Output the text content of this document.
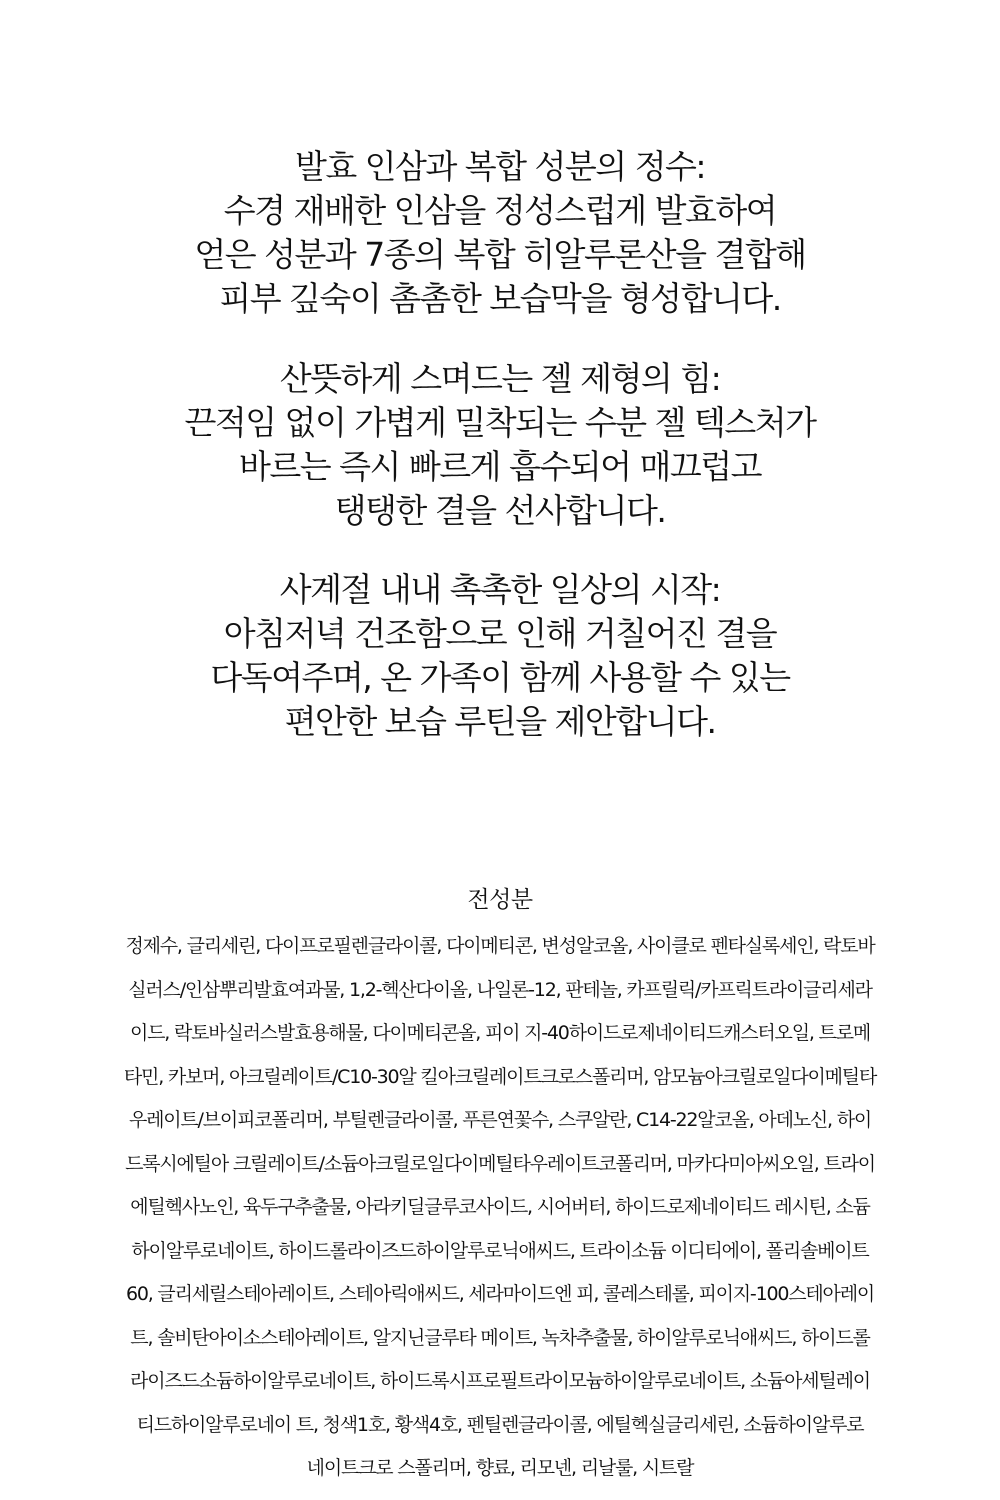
발효 인삼과 복합 성분의 정수:
수경 재배한 인삼을 정성스럽게 발효하여
얻은 성분과 7종의 복합 히알루론산을 결합해
피부 깊숙이 촘촘한 보습막을 형성합니다.
산뜻하게 스며드는 젤 제형의 힘:
끈적임 없이 가볍게 밀착되는 수분 젤 텍스처가
바르는 즉시 빠르게 흡수되어 매끄럽고
탱탱한 결을 선사합니다.
사계절 내내 촉촉한 일상의 시작:
아침저녁 건조함으로 인해 거칠어진 결을
다독여주며, 온 가족이 함께 사용할 수 있는
편안한 보습 루틴을 제안합니다.
전성분
정제수, 글리세린, 다이프로필렌글라이콜, 다이메티콘, 변성알코올, 사이클로 펜타실록세인, 락토바
실러스/인삼뿌리발효여과물, 1,2-헥산다이올, 나일론-12, 판테놀, 카프릴릭/카프릭트라이글리세라
이드, 락토바실러스발효용해물, 다이메티콘올, 피이 지-40하이드로제네이티드캐스터오일, 트로메
타민, 카보머, 아크릴레이트/C10-30알 킬아크릴레이트크로스폴리머, 암모늄아크릴로일다이메틸타
우레이트/브이피코폴리머, 부틸렌글라이콜, 푸른연꽃수, 스쿠알란, C14-22알코올, 아데노신, 하이
드록시에틸아 크릴레이트/소듐아크릴로일다이메틸타우레이트코폴리머, 마카다미아씨오일, 트라이
에틸헥사노인, 육두구추출물, 아라키딜글루코사이드, 시어버터, 하이드로제네이티드 레시틴, 소듐
하이알루로네이트, 하이드롤라이즈드하이알루로닉애씨드, 트라이소듐 이디티에이, 폴리솔베이트
60, 글리세릴스테아레이트, 스테아릭애씨드, 세라마이드엔 피, 콜레스테롤, 피이지-100스테아레이
트, 솔비탄아이소스테아레이트, 알지닌글루타 메이트, 녹차추출물, 하이알루로닉애씨드, 하이드롤
라이즈드소듐하이알루로네이트, 하이드록시프로필트라이모늄하이알루로네이트, 소듐아세틸레이
티드하이알루로네이 트, 청색1호, 황색4호, 펜틸렌글라이콜, 에틸헥실글리세린, 소듐하이알루로
네이트크로 스폴리머, 향료, 리모넨, 리날룰, 시트랄
